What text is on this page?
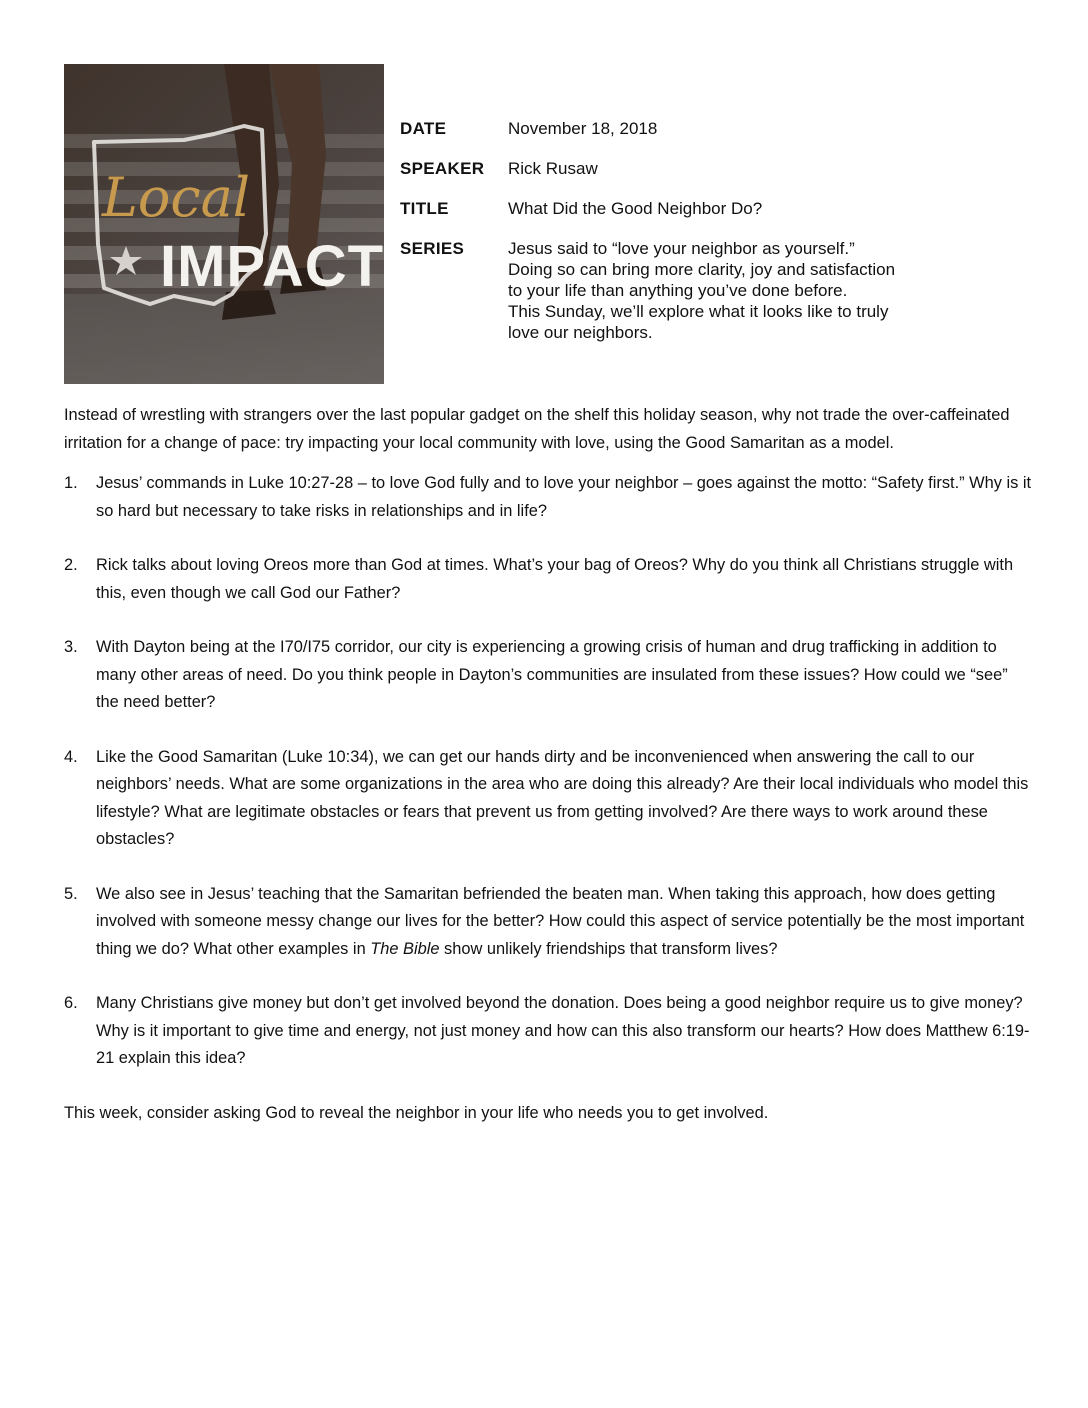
Local
IMPACT
DATE	November 18, 2018
SPEAKER	Rick Rusaw
TITLE	What Did the Good Neighbor Do?
SERIES	Jesus said to “love your neighbor as yourself.”
Doing so can bring more clarity, joy and satisfaction
to your life than anything you’ve done before.
This Sunday, we’ll explore what it looks like to truly
love our neighbors.

Instead of wrestling with strangers over the last popular gadget on the shelf this holiday season, why not trade the over-caffeinated irritation for a change of pace: try impacting your local community with love, using the Good Samaritan as a model.

1.	Jesus’ commands in Luke 10:27-28 – to love God fully and to love your neighbor – goes against the motto: “Safety first.” Why is it so hard but necessary to take risks in relationships and in life?
2.	Rick talks about loving Oreos more than God at times. What’s your bag of Oreos? Why do you think all Christians struggle with this, even though we call God our Father?
3.	With Dayton being at the I70/I75 corridor, our city is experiencing a growing crisis of human and drug trafficking in addition to many other areas of need. Do you think people in Dayton’s communities are insulated from these issues? How could we “see” the need better?
4.	Like the Good Samaritan (Luke 10:34), we can get our hands dirty and be inconvenienced when answering the call to our neighbors’ needs. What are some organizations in the area who are doing this already? Are their local individuals who model this lifestyle? What are legitimate obstacles or fears that prevent us from getting involved? Are there ways to work around these obstacles?
5.	We also see in Jesus’ teaching that the Samaritan befriended the beaten man. When taking this approach, how does getting involved with someone messy change our lives for the better? How could this aspect of service potentially be the most important thing we do? What other examples in The Bible show unlikely friendships that transform lives?
6.	Many Christians give money but don’t get involved beyond the donation. Does being a good neighbor require us to give money? Why is it important to give time and energy, not just money and how can this also transform our hearts? How does Matthew 6:19-21 explain this idea?

This week, consider asking God to reveal the neighbor in your life who needs you to get involved.
